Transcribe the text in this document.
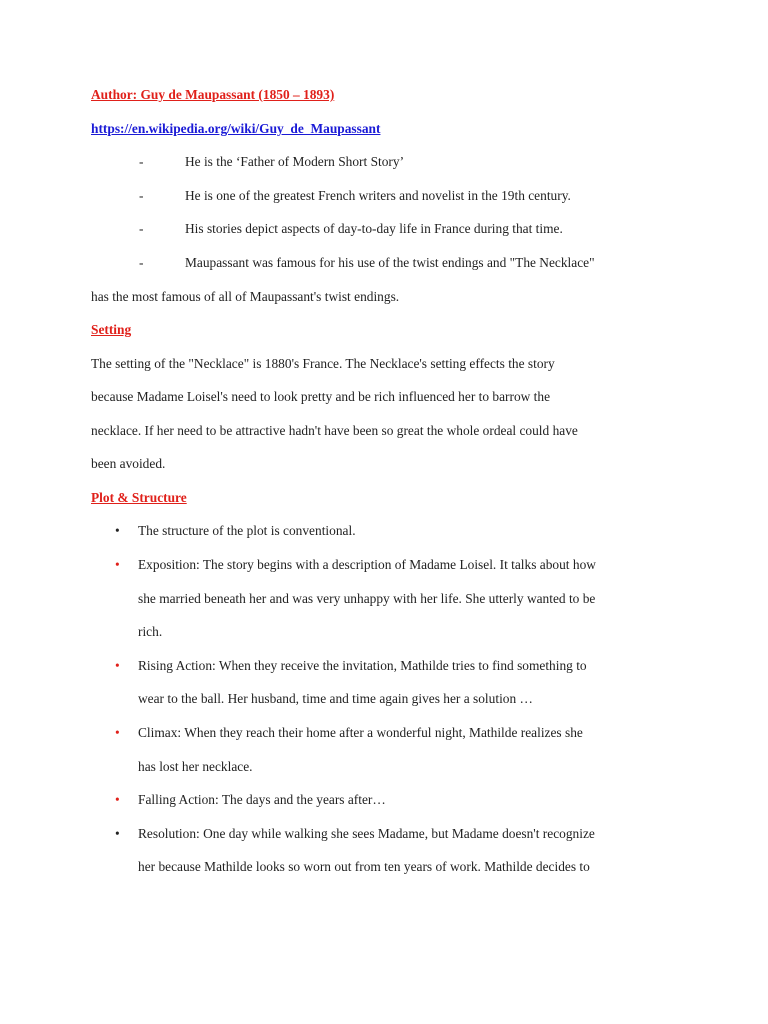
Author: Guy de Maupassant (1850 – 1893)
https://en.wikipedia.org/wiki/Guy_de_Maupassant
-	He is the ‘Father of Modern Short Story’
-	He is one of the greatest French writers and novelist in the 19th century.
-	His stories depict aspects of day-to-day life in France during that time.
-	Maupassant was famous for his use of the twist endings and "The Necklace"
has the most famous of all of Maupassant's twist endings.
Setting
The setting of the "Necklace" is 1880's France. The Necklace's setting effects the story
because Madame Loisel's need to look pretty and be rich influenced her to barrow the
necklace. If her need to be attractive hadn't have been so great the whole ordeal could have
been avoided.
Plot & Structure
• The structure of the plot is conventional.
• Exposition: The story begins with a description of Madame Loisel. It talks about how
she married beneath her and was very unhappy with her life. She utterly wanted to be
rich.
• Rising Action: When they receive the invitation, Mathilde tries to find something to
wear to the ball. Her husband, time and time again gives her a solution …
• Climax: When they reach their home after a wonderful night, Mathilde realizes she
has lost her necklace.
• Falling Action: The days and the years after…
• Resolution: One day while walking she sees Madame, but Madame doesn't recognize
her because Mathilde looks so worn out from ten years of work. Mathilde decides to
